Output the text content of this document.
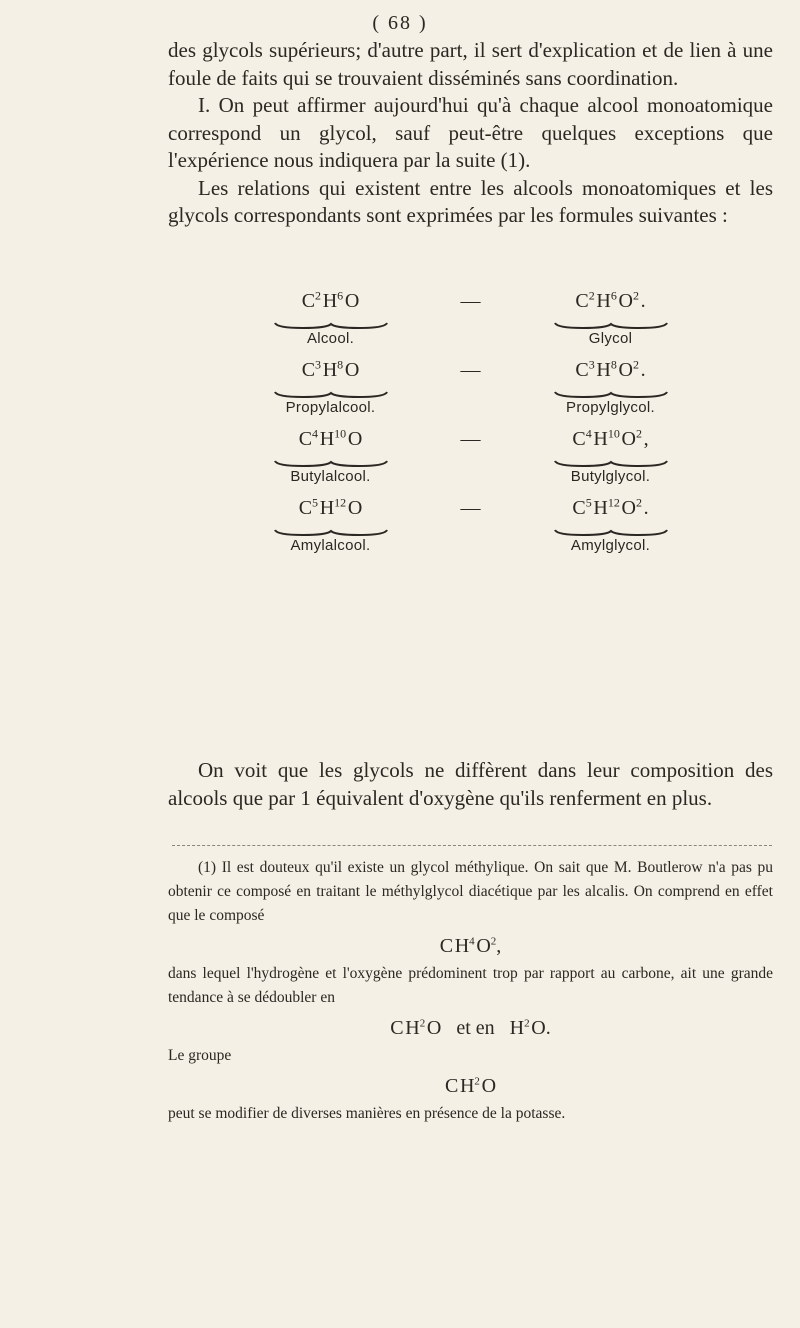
( 68 )

des glycols supérieurs; d'autre part, il sert d'explication et de lien à une foule de faits qui se trouvaient disséminés sans coordination.

I. On peut affirmer aujourd'hui qu'à chaque alcool monoatomique correspond un glycol, sauf peut-être quelques exceptions que l'expérience nous indiquera par la suite (1).

Les relations qui existent entre les alcools monoatomiques et les glycols correspondants sont exprimées par les formules suivantes :

$C^2$ $H^6$ O	—	$C^2$ $H^6$ $O^2$ .
Alcool.	Glycol
$C^3$ $H^8$ O	—	$C^3$ $H^8$ $O^2$ .
Propylalcool.	Propylglycol.
$C^4$ $H^{10}$ O	—	$C^4$ $H^{10}$ $O^2$ ,
Butylalcool.	Butylglycol.
$C^5$ $H^{12}$ O	—	$C^5$ $H^{12}$ $O^2$ .
Amylalcool.	Amylglycol.

On voit que les glycols ne diffèrent dans leur composition des alcools que par 1 équivalent d'oxygène qu'ils renferment en plus.

(1) Il est douteux qu'il existe un glycol méthylique. On sait que M. Boutlerow n'a pas pu obtenir ce composé en traitant le méthylglycol diacétique par les alcalis. On comprend en effet que le composé

C $H^4$ $O^2$,

dans lequel l'hydrogène et l'oxygène prédominent trop par rapport au carbone, ait une grande tendance à se dédoubler en

C $H^2$ O et en $H^2$ O.

Le groupe

C $H^2$ O

peut se modifier de diverses manières en présence de la potasse.
